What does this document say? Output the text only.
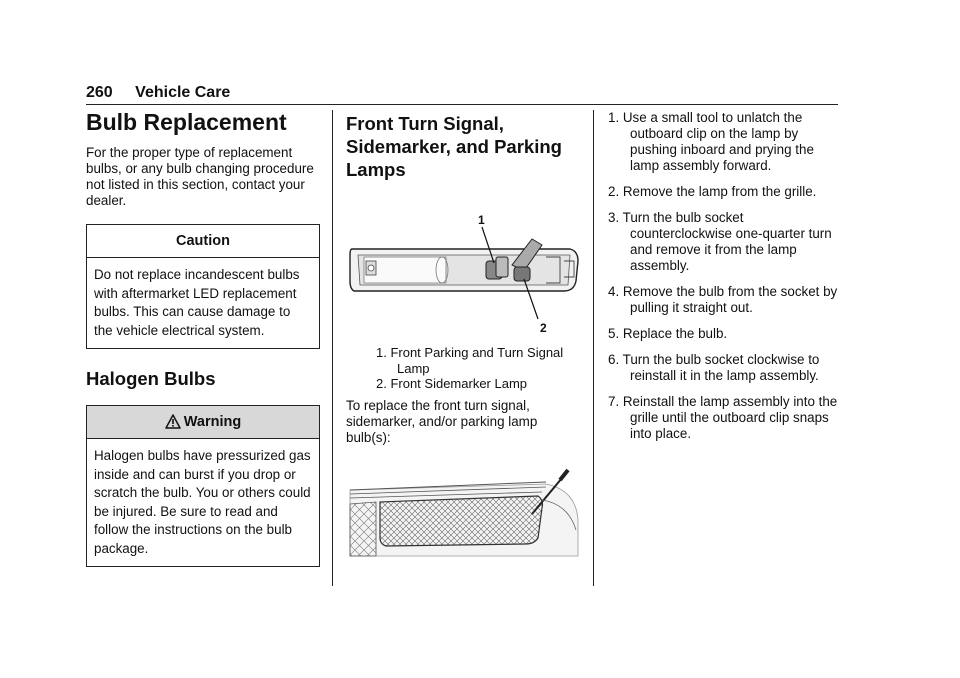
260 Vehicle Care
Bulb Replacement

For the proper type of replacement bulbs, or any bulb changing procedure not listed in this section, contact your dealer.

Caution
Do not replace incandescent bulbs with aftermarket LED replacement bulbs. This can cause damage to the vehicle electrical system.
Halogen Bulbs
Warning
Halogen bulbs have pressurized gas inside and can burst if you drop or scratch the bulb. You or others could be injured. Be sure to read and follow the instructions on the bulb package.
Front Turn Signal, Sidemarker, and Parking Lamps
1
2
1. Front Parking and Turn Signal Lamp
2. Front Sidemarker Lamp

To replace the front turn signal, sidemarker, and/or parking lamp bulb(s):

1. Use a small tool to unlatch the outboard clip on the lamp by pushing inboard and prying the lamp assembly forward.
2. Remove the lamp from the grille.
3. Turn the bulb socket counterclockwise one-quarter turn and remove it from the lamp assembly.
4. Remove the bulb from the socket by pulling it straight out.
5. Replace the bulb.
6. Turn the bulb socket clockwise to reinstall it in the lamp assembly.
7. Reinstall the lamp assembly into the grille until the outboard clip snaps into place.
